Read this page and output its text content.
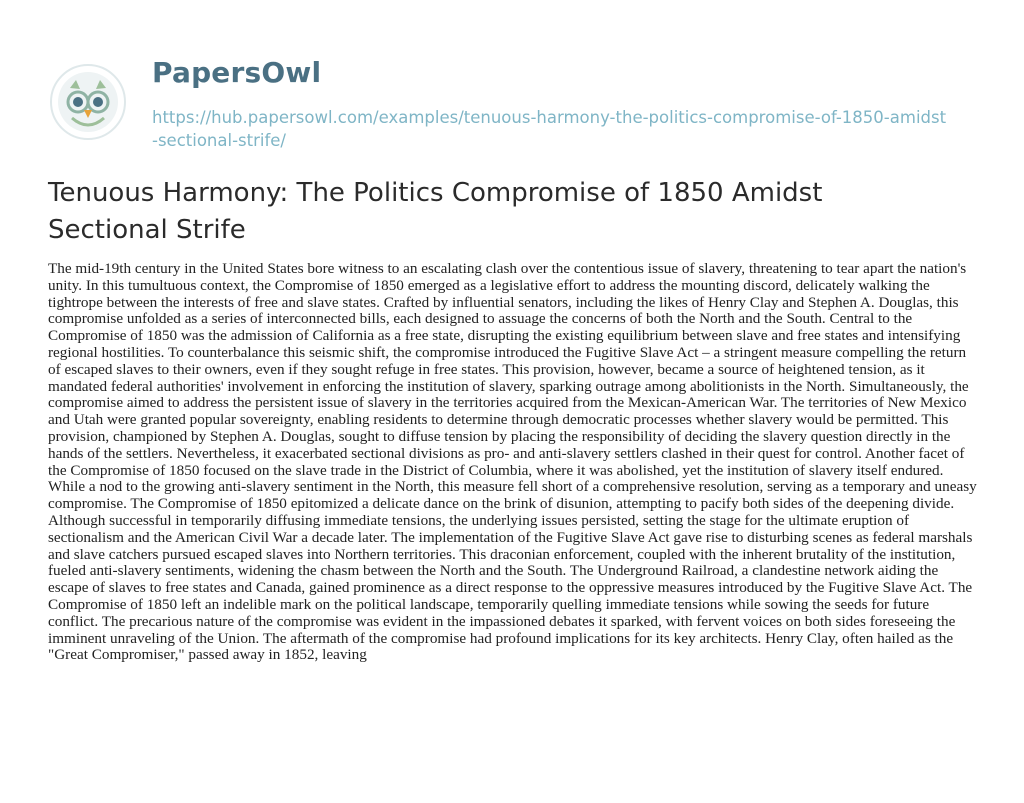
PapersOwl
https://hub.papersowl.com/examples/tenuous-harmony-the-politics-compromise-of-1850-amidst-sectional-strife/
Tenuous Harmony: The Politics Compromise of 1850 Amidst Sectional Strife

The mid-19th century in the United States bore witness to an escalating clash over the contentious issue of slavery, threatening to tear apart the nation's unity. In this tumultuous context, the Compromise of 1850 emerged as a legislative effort to address the mounting discord, delicately walking the tightrope between the interests of free and slave states. Crafted by influential senators, including the likes of Henry Clay and Stephen A. Douglas, this compromise unfolded as a series of interconnected bills, each designed to assuage the concerns of both the North and the South. Central to the Compromise of 1850 was the admission of California as a free state, disrupting the existing equilibrium between slave and free states and intensifying regional hostilities. To counterbalance this seismic shift, the compromise introduced the Fugitive Slave Act – a stringent measure compelling the return of escaped slaves to their owners, even if they sought refuge in free states. This provision, however, became a source of heightened tension, as it mandated federal authorities' involvement in enforcing the institution of slavery, sparking outrage among abolitionists in the North. Simultaneously, the compromise aimed to address the persistent issue of slavery in the territories acquired from the Mexican-American War. The territories of New Mexico and Utah were granted popular sovereignty, enabling residents to determine through democratic processes whether slavery would be permitted. This provision, championed by Stephen A. Douglas, sought to diffuse tension by placing the responsibility of deciding the slavery question directly in the hands of the settlers. Nevertheless, it exacerbated sectional divisions as pro- and anti-slavery settlers clashed in their quest for control. Another facet of the Compromise of 1850 focused on the slave trade in the District of Columbia, where it was abolished, yet the institution of slavery itself endured. While a nod to the growing anti-slavery sentiment in the North, this measure fell short of a comprehensive resolution, serving as a temporary and uneasy compromise. The Compromise of 1850 epitomized a delicate dance on the brink of disunion, attempting to pacify both sides of the deepening divide. Although successful in temporarily diffusing immediate tensions, the underlying issues persisted, setting the stage for the ultimate eruption of sectionalism and the American Civil War a decade later. The implementation of the Fugitive Slave Act gave rise to disturbing scenes as federal marshals and slave catchers pursued escaped slaves into Northern territories. This draconian enforcement, coupled with the inherent brutality of the institution, fueled anti-slavery sentiments, widening the chasm between the North and the South. The Underground Railroad, a clandestine network aiding the escape of slaves to free states and Canada, gained prominence as a direct response to the oppressive measures introduced by the Fugitive Slave Act. The Compromise of 1850 left an indelible mark on the political landscape, temporarily quelling immediate tensions while sowing the seeds for future conflict. The precarious nature of the compromise was evident in the impassioned debates it sparked, with fervent voices on both sides foreseeing the imminent unraveling of the Union. The aftermath of the compromise had profound implications for its key architects. Henry Clay, often hailed as the "Great Compromiser," passed away in 1852, leaving
